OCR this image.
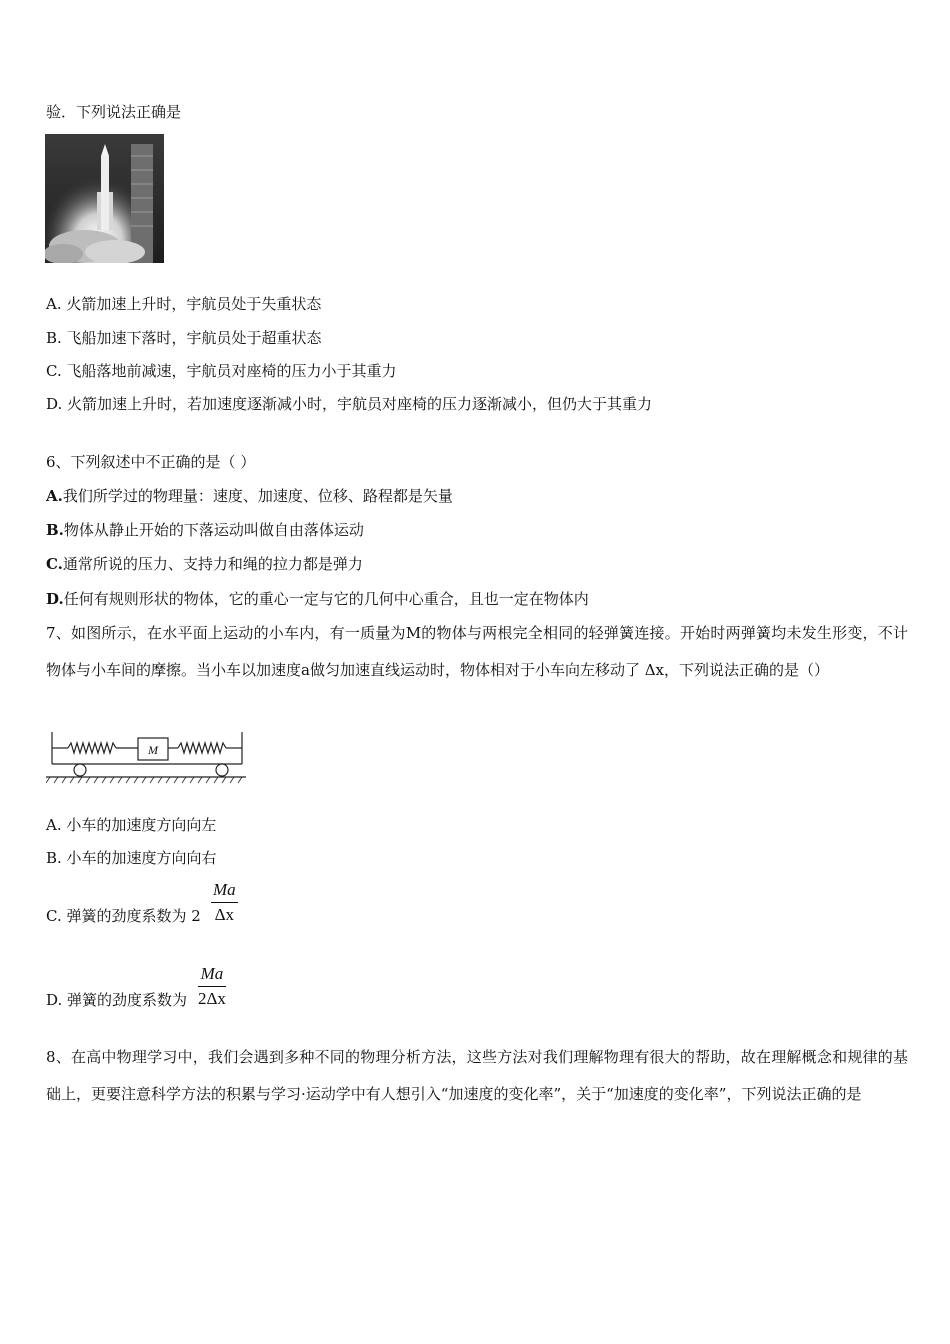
验．下列说法正确是
A. 火箭加速上升时，宇航员处于失重状态
B. 飞船加速下落时，宇航员处于超重状态
C. 飞船落地前减速，宇航员对座椅的压力小于其重力
D. 火箭加速上升时，若加速度逐渐减小时，宇航员对座椅的压力逐渐减小，但仍大于其重力
6、下列叙述中不正确的是（ ）
A.我们所学过的物理量：速度、加速度、位移、路程都是矢量
B.物体从静止开始的下落运动叫做自由落体运动
C.通常所说的压力、支持力和绳的拉力都是弹力
D.任何有规则形状的物体，它的重心一定与它的几何中心重合，且也一定在物体内
7、如图所示，在水平面上运动的小车内，有一质量为M的物体与两根完全相同的轻弹簧连接。开始时两弹簧均未发生形变，不计物体与小车间的摩擦。当小车以加速度a做匀加速直线运动时，物体相对于小车向左移动了 Δx，下列说法正确的是（）
M
A. 小车的加速度方向向左
B. 小车的加速度方向向右
C. 弹簧的劲度系数为 $2 \frac{Ma}{\Delta x}$
D. 弹簧的劲度系数为 $\frac{Ma}{2\Delta x}$
8、在高中物理学习中，我们会遇到多种不同的物理分析方法，这些方法对我们理解物理有很大的帮助，故在理解概念和规律的基础上，更要注意科学方法的积累与学习·运动学中有人想引入“加速度的变化率”，关于“加速度的变化率”，下列说法正确的是
